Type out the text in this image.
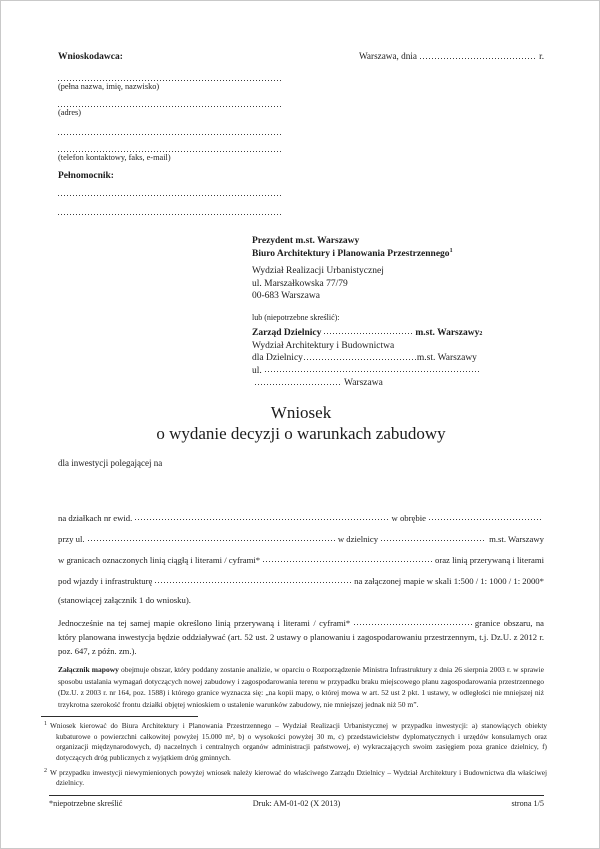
Wnioskodawca:	Warszawa, dnia	r.
(pełna nazwa, imię, nazwisko)
(adres)
(telefon kontaktowy, faks, e-mail)
Pełnomocnik:
Prezydent m.st. Warszawy
Biuro Architektury i Planowania Przestrzennego$^1$
Wydział Realizacji Urbanistycznej
ul. Marszałkowska 77/79
00-683 Warszawa
lub (niepotrzebne skreślić):
Zarząd Dzielnicy	m.st. Warszawy 2
Wydział Architektury i Budownictwa
dla Dzielnicy	m.st. Warszawy
ul.
Warszawa
Wniosek
o wydanie decyzji o warunkach zabudowy
dla inwestycji polegającej na
na działkach nr ewid.	w obrębie
przy ul.	w dzielnicy	m.st. Warszawy
w granicach oznaczonych linią ciągłą i literami / cyframi*	oraz linią przerywaną i literami
pod wjazdy i infrastrukturę	na załączonej mapie w skali 1:500 / 1: 1000 / 1: 2000*
(stanowiącej załącznik 1 do wniosku).
Jednocześnie na tej samej mapie określono linią przerywaną i literami / cyframi*	granice obszaru, na który planowana inwestycja będzie oddziaływać (art. 52 ust. 2 ustawy o planowaniu i zagospodarowaniu przestrzennym, t.j. Dz.U. z 2012 r. poz. 647, z późn. zm.).
Załącznik mapowy obejmuje obszar, który poddany zostanie analizie, w oparciu o Rozporządzenie Ministra Infrastruktury z dnia 26 sierpnia 2003 r. w sprawie sposobu ustalania wymagań dotyczących nowej zabudowy i zagospodarowania terenu w przypadku braku miejscowego planu zagospodarowania przestrzennego (Dz.U. z 2003 r. nr 164, poz. 1588) i którego granice wyznacza się: „na kopii mapy, o której mowa w art. 52 ust 2 pkt. 1 ustawy, w odległości nie mniejszej niż trzykrotna szerokość frontu działki objętej wnioskiem o ustalenie warunków zabudowy, nie mniejszej jednak niż 50 m”.
$^1$ Wniosek kierować do Biura Architektury i Planowania Przestrzennego – Wydział Realizacji Urbanistycznej w przypadku inwestycji: a) stanowiących obiekty kubaturowe o powierzchni całkowitej powyżej 15.000 m², b) o wysokości powyżej 30 m, c) przedstawicielstw dyplomatycznych i urzędów konsularnych oraz organizacji międzynarodowych, d) naczelnych i centralnych organów administracji państwowej, e) wykraczających swoim zasięgiem poza granice dzielnicy, f) dotyczących dróg publicznych z wyjątkiem dróg gminnych.
$^2$ W przypadku inwestycji niewymienionych powyżej wniosek należy kierować do właściwego Zarządu Dzielnicy – Wydział Architektury i Budownictwa dla właściwej dzielnicy.
*niepotrzebne skreślić	Druk: AM-01-02 (X 2013)	strona 1/5
